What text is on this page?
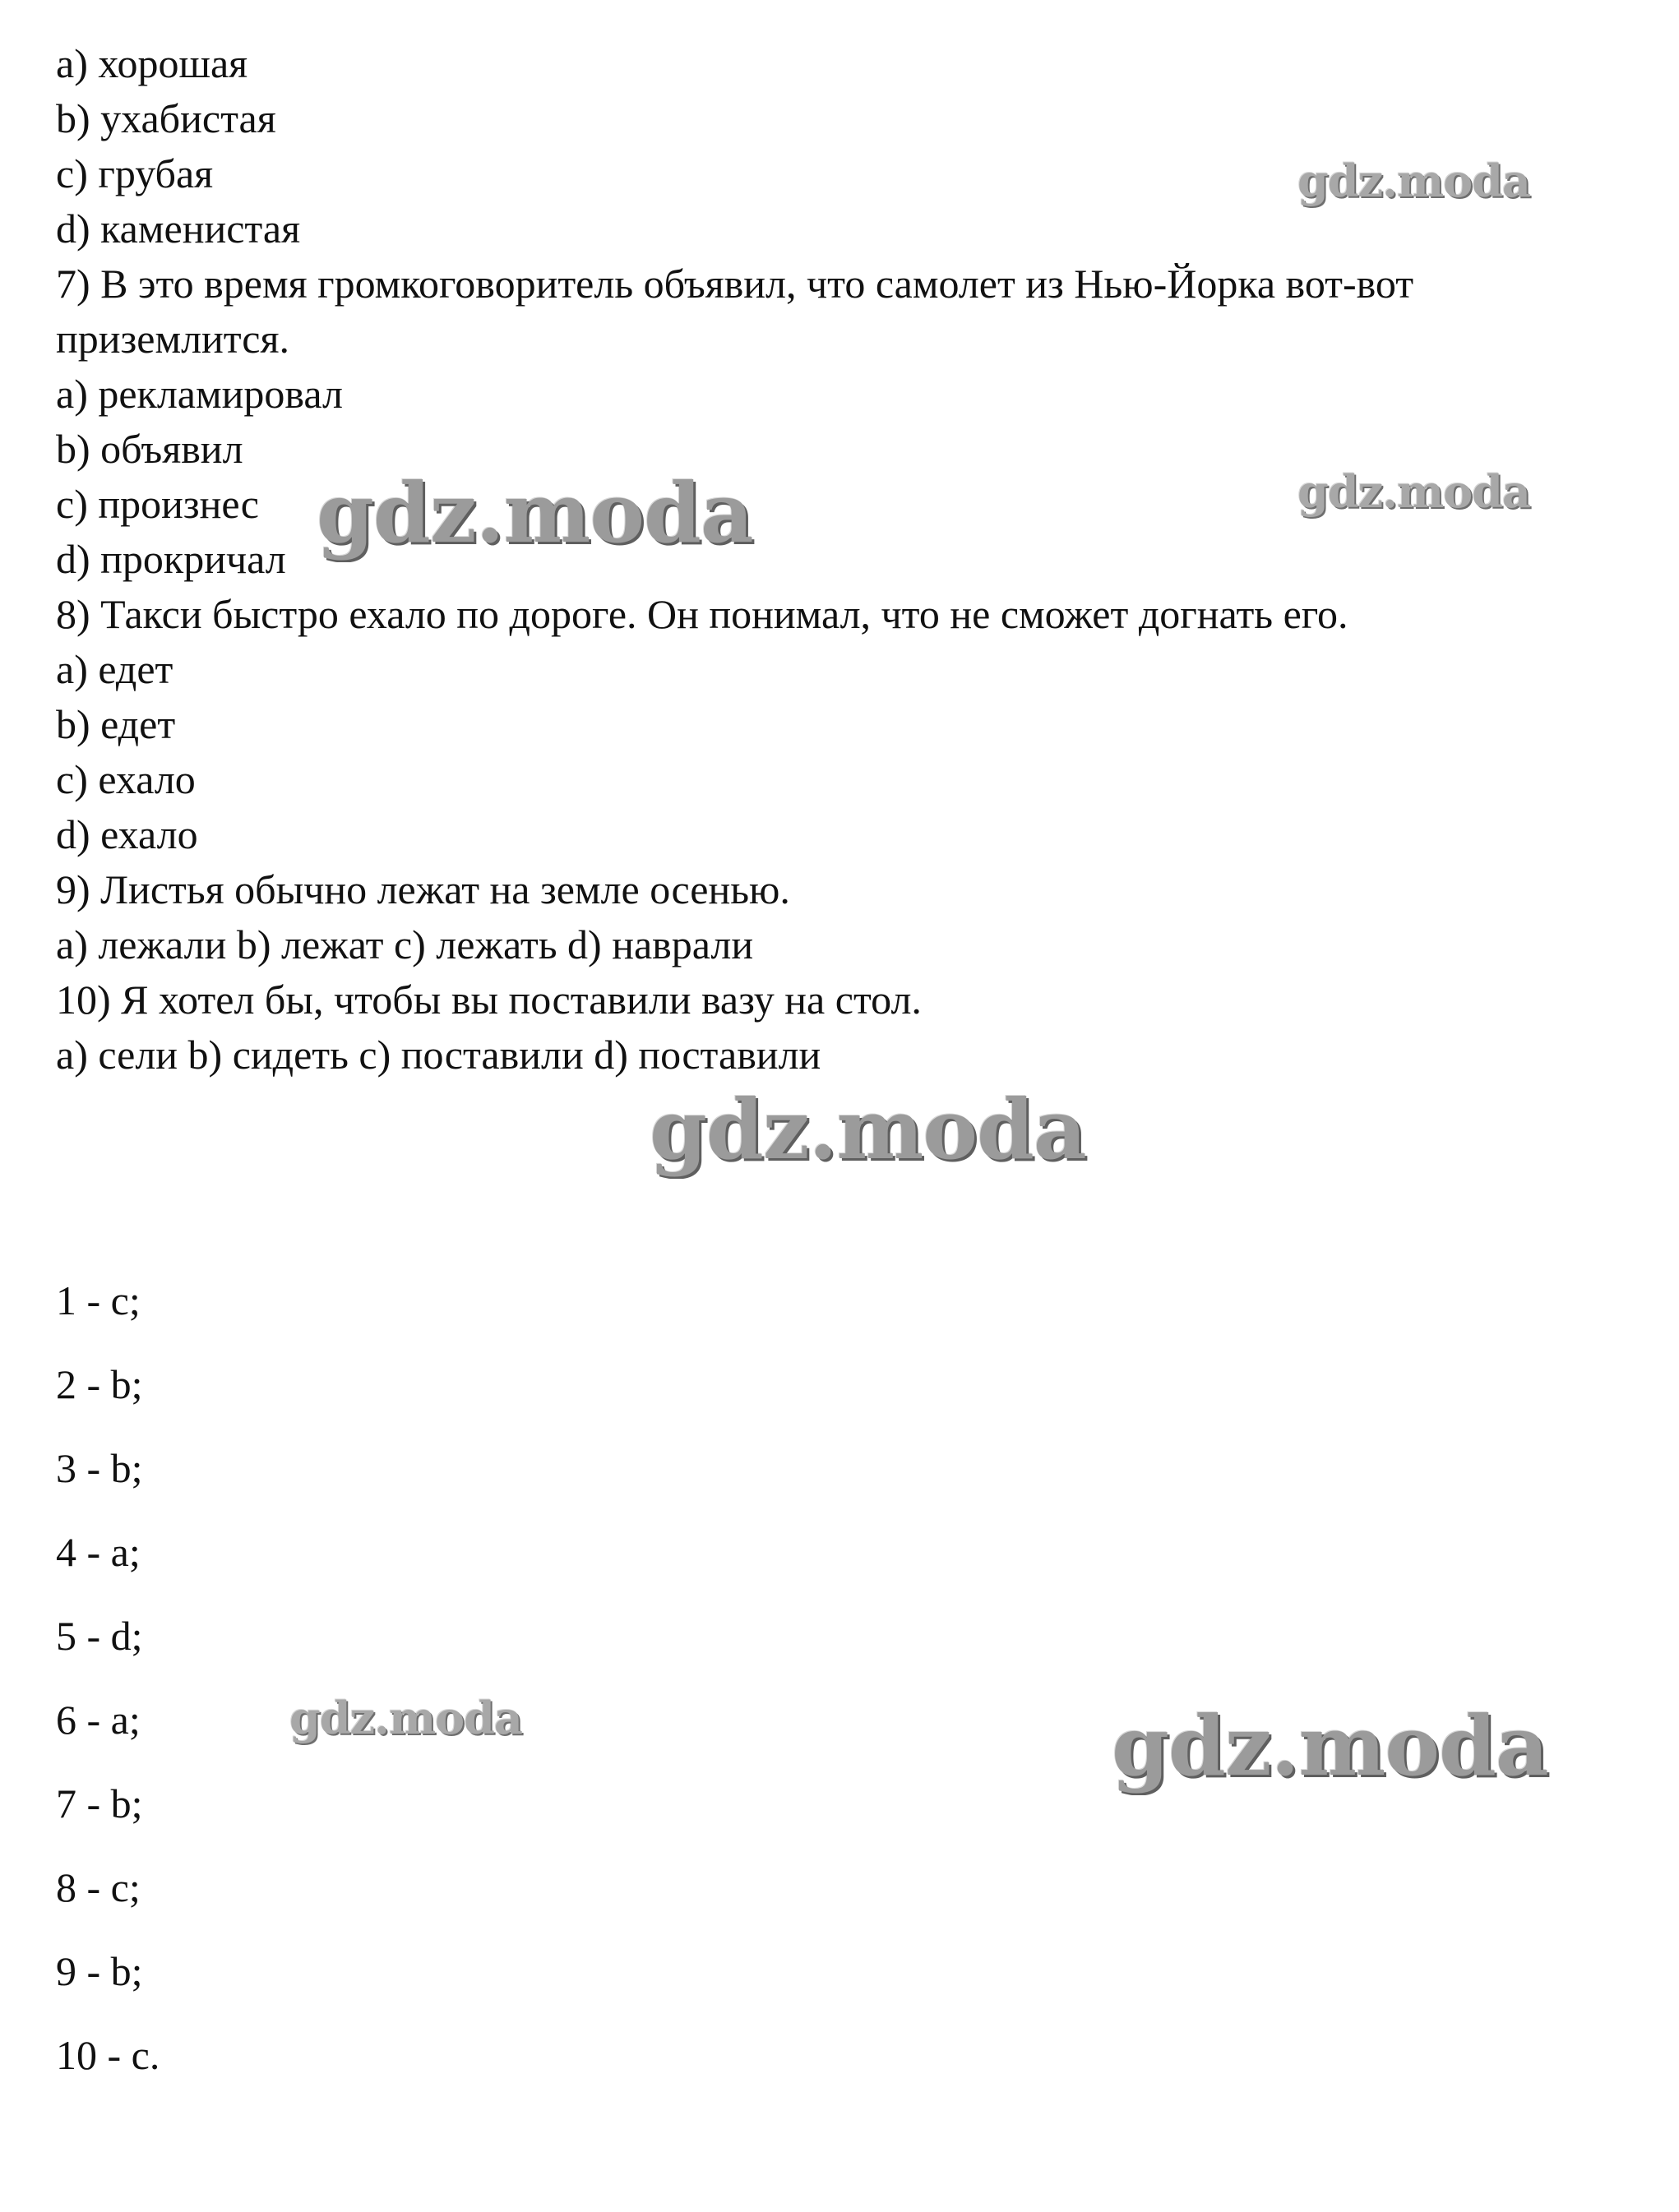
a) хорошая

b) ухабистая

c) грубая

d) каменистая

7) В это время громкоговоритель объявил, что самолет из Нью-Йорка вот-вот приземлится.

a) рекламировал

b) объявил

c) произнес

d) прокричал

8) Такси быстро ехало по дороге. Он понимал, что не сможет догнать его.

a) едет

b) едет

c) ехало

d) ехало

9) Листья обычно лежат на земле осенью.

a) лежали b) лежат c) лежать d) наврали

10) Я хотел бы, чтобы вы поставили вазу на стол.

a) сели b) сидеть c) поставили d) поставили

1 - c;

2 - b;

3 - b;

4 - a;

5 - d;

6 - a;

7 - b;

8 - c;

9 - b;

10 - c.

gdz.moda
gdz.moda
gdz.moda
gdz.moda
gdz.moda	gdz.moda
